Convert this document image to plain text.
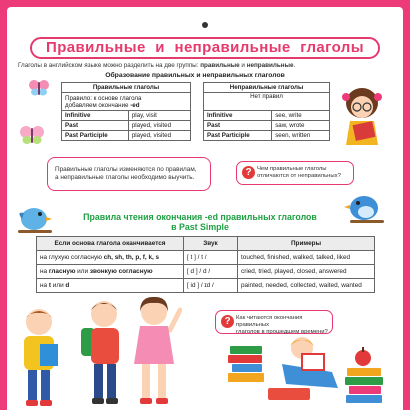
Правильные и неправильные глаголы
Глаголы в английском языке можно разделить на две группы: правильные и неправильные.
Образование правильных и неправильных глаголов
Правильные глаголы	
Правило: к основе глагола
добавляем окончание -ed	
Infinitive	play, visit
Past	played, visited
Past Participle	played, visited
Неправильные глаголы	
Нет правил	
Infinitive	see, write
Past	saw, wrote
Past Participle	seen, written
Правильные глаголы изменяются по правилам,
а неправильные глаголы необходимо выучить.	? Чем правильные глаголы
отличаются от неправильных?
Правила чтения окончания -ed правильных глаголов
в Past Simple
Если основа глагола оканчивается	Звук	Примеры
на глухую согласную ch, sh, th, p, f, k, s	[ t ] / t /	touched, finished, walked, talked, liked
на гласную или звонкую согласную	[ d ] / d /	cried, tried, played, closed, answered
на t или d	[ id ] / ɪd /	painted, needed, collected, waited, wanted
? Как читаются окончания правильных
глаголов в прошедшем времени?
